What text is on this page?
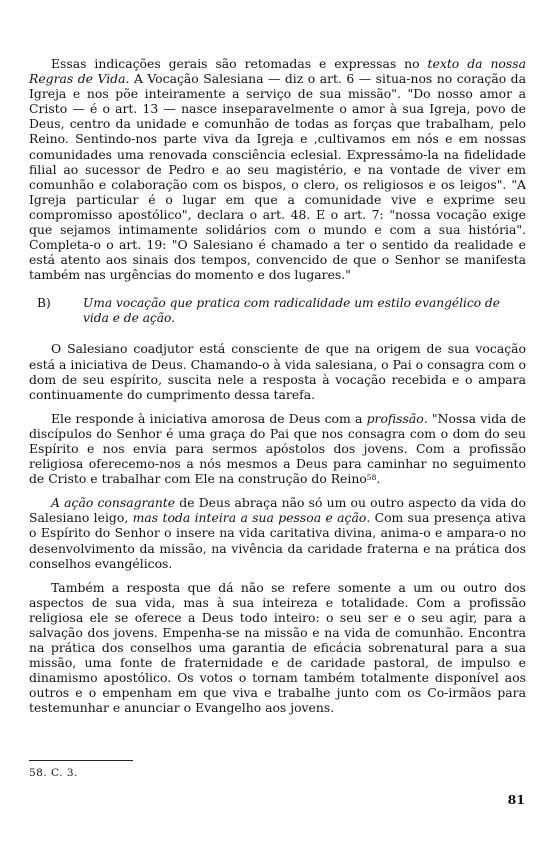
Essas indicações gerais são retomadas e expressas no texto da nossa Regras de Vida. A Vocação Salesiana — diz o art. 6 — situa-nos no coração da Igreja e nos põe inteiramente a serviço de sua missão". "Do nosso amor a Cristo — é o art. 13 — nasce inseparavelmente o amor à sua Igreja, povo de Deus, centro da unidade e comunhão de todas as forças que trabalham, pelo Reino. Sentindo-nos parte viva da Igreja e ,cultivamos em nós e em nossas comunidades uma renovada consciência eclesial. Expressámo-la na fidelidade filial ao sucessor de Pedro e ao seu magistério, e na vontade de viver em comunhão e colaboração com os bispos, o clero, os religiosos e os leigos". "A Igreja particular é o lugar em que a comunidade vive e exprime seu compromisso apostólico", declara o art. 48. E o art. 7: "nossa vocação exige que sejamos intimamente solidários com o mundo e com a sua história". Completa-o o art. 19: "O Salesiano é chamado a ter o sentido da realidade e está atento aos sinais dos tempos, convencido de que o Senhor se manifesta também nas urgências do momento e dos lugares."

B)	Uma vocação que pratica com radicalidade um estilo evangélico de vida e de ação.

O Salesiano coadjutor está consciente de que na origem de sua vocação está a iniciativa de Deus. Chamando-o à vida salesiana, o Pai o consagra com o dom de seu espírito, suscita nele a resposta à vocação recebida e o ampara continuamente do cumprimento dessa tarefa.

Ele responde à iniciativa amorosa de Deus com a profissão. "Nossa vida de discípulos do Senhor é uma graça do Pai que nos consagra com o dom do seu Espírito e nos envia para sermos apóstolos dos jovens. Com a profissão religiosa oferecemo-nos a nós mesmos a Deus para caminhar no seguimento de Cristo e trabalhar com Ele na construção do Reino$^{58}$.

A ação consagrante de Deus abraça não só um ou outro aspecto da vida do Salesiano leigo, mas toda inteira a sua pessoa e ação. Com sua presença ativa o Espírito do Senhor o insere na vida caritativa divina, anima-o e ampara-o no desenvolvimento da missão, na vivência da caridade fraterna e na prática dos conselhos evangélicos.

Também a resposta que dá não se refere somente a um ou outro dos aspectos de sua vida, mas à sua inteireza e totalidade. Com a profissão religiosa ele se oferece a Deus todo inteiro: o seu ser e o seu agir, para a salvação dos jovens. Empenha-se na missão e na vida de comunhão. Encontra na prática dos conselhos uma garantia de eficácia sobrenatural para a sua missão, uma fonte de fraternidade e de caridade pastoral, de impulso e dinamismo apostólico. Os votos o tornam também totalmente disponível aos outros e o empenham em que viva e trabalhe junto com os Co-irmãos para testemunhar e anunciar o Evangelho aos jovens.

58. C. 3.
81
